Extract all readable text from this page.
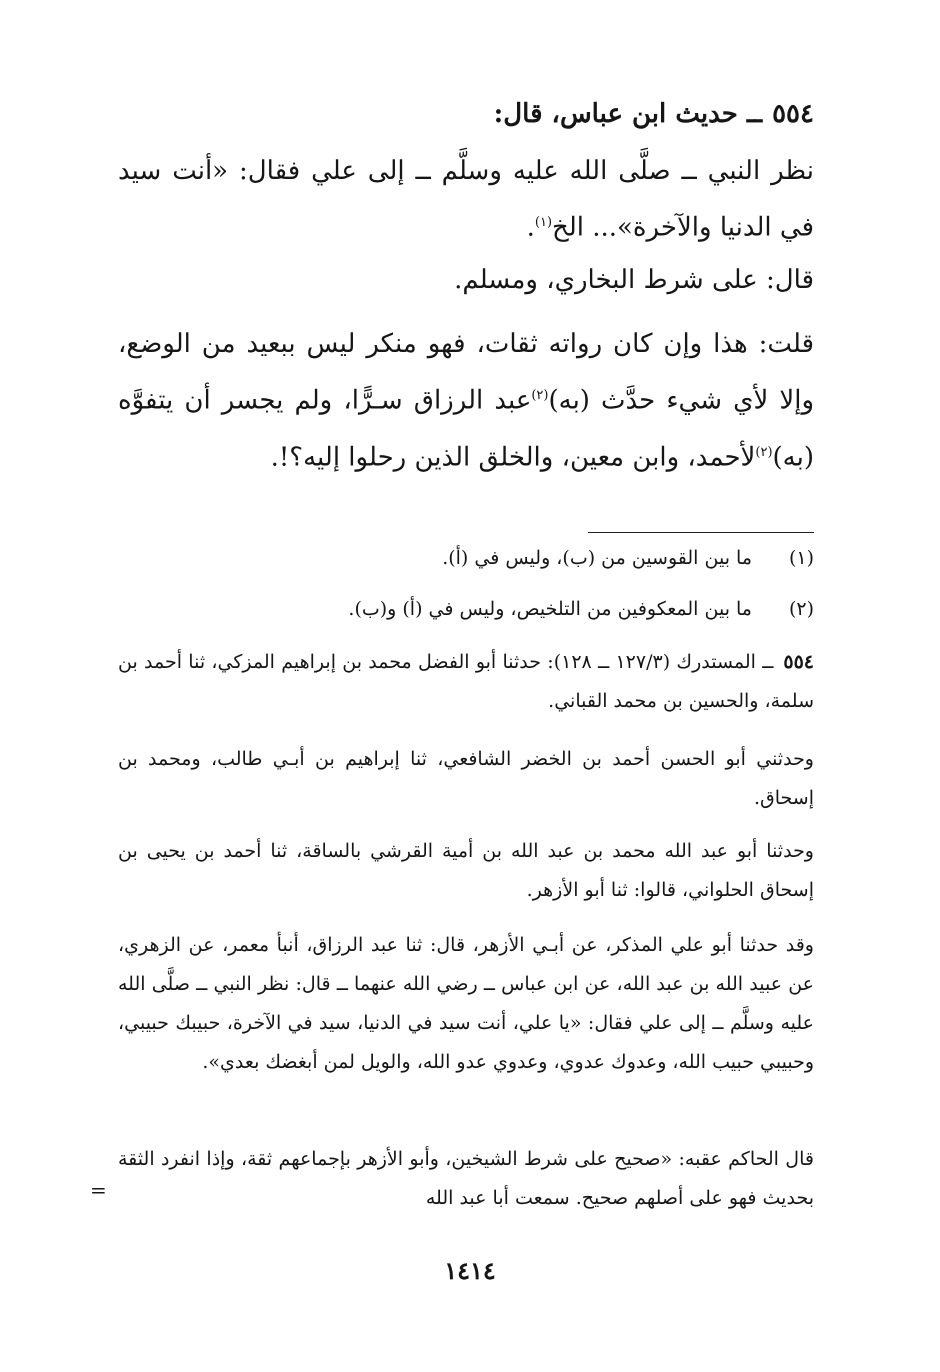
٥٥٤ــ حديث ابن عباس، قال:
نظر النبي ــ صلَّى الله عليه وسلَّم ــ إلى علي فقال: «أنت سيد في الدنيا والآخرة»... الخ$^{(١)}$.
قال: على شرط البخاري، ومسلم.
قلت: هذا وإن كان رواته ثقات، فهو منكر ليس ببعيد من الوضع، وإلا لأي شيء حدَّث (به)$^{(٢)}$عبد الرزاق سـرًّا، ولم يجسر أن يتفوَّه (به)$^{(٢)}$لأحمد، وابن معين، والخلق الذين رحلوا إليه؟!.
(١)ما بين القوسين من (ب)، وليس في (أ).
(٢)ما بين المعكوفين من التلخيص، وليس في (أ) و(ب).
٥٥٤ــ المستدرك (١٢٧/٣ ــ ١٢٨): حدثنا أبو الفضل محمد بن إبراهيم المزكي، ثنا أحمد بن سلمة، والحسين بن محمد القباني.
وحدثني أبو الحسن أحمد بن الخضر الشافعي، ثنا إبراهيم بن أبـي طالب، ومحمد بن إسحاق.
وحدثنا أبو عبد الله محمد بن عبد الله بن أمية القرشي بالساقة، ثنا أحمد بن يحيى بن إسحاق الحلواني، قالوا: ثنا أبو الأزهر.
وقد حدثنا أبو علي المذكر، عن أبـي الأزهر، قال: ثنا عبد الرزاق، أنبأ معمر، عن الزهري، عن عبيد الله بن عبد الله، عن ابن عباس ــ رضي الله عنهما ــ قال: نظر النبي ــ صلَّى الله عليه وسلَّم ــ إلى علي فقال: «يا علي، أنت سيد في الدنيا، سيد في الآخرة، حبيبك حبيبي، وحبيبي حبيب الله، وعدوك عدوي، وعدوي عدو الله، والويل لمن أبغضك بعدي».
قال الحاكم عقبه: «صحيح على شرط الشيخين، وأبو الأزهر بإجماعهم ثقة، وإذا انفرد الثقة بحديث فهو على أصلهم صحيح. سمعت أبا عبد الله
=
١٤١٤
